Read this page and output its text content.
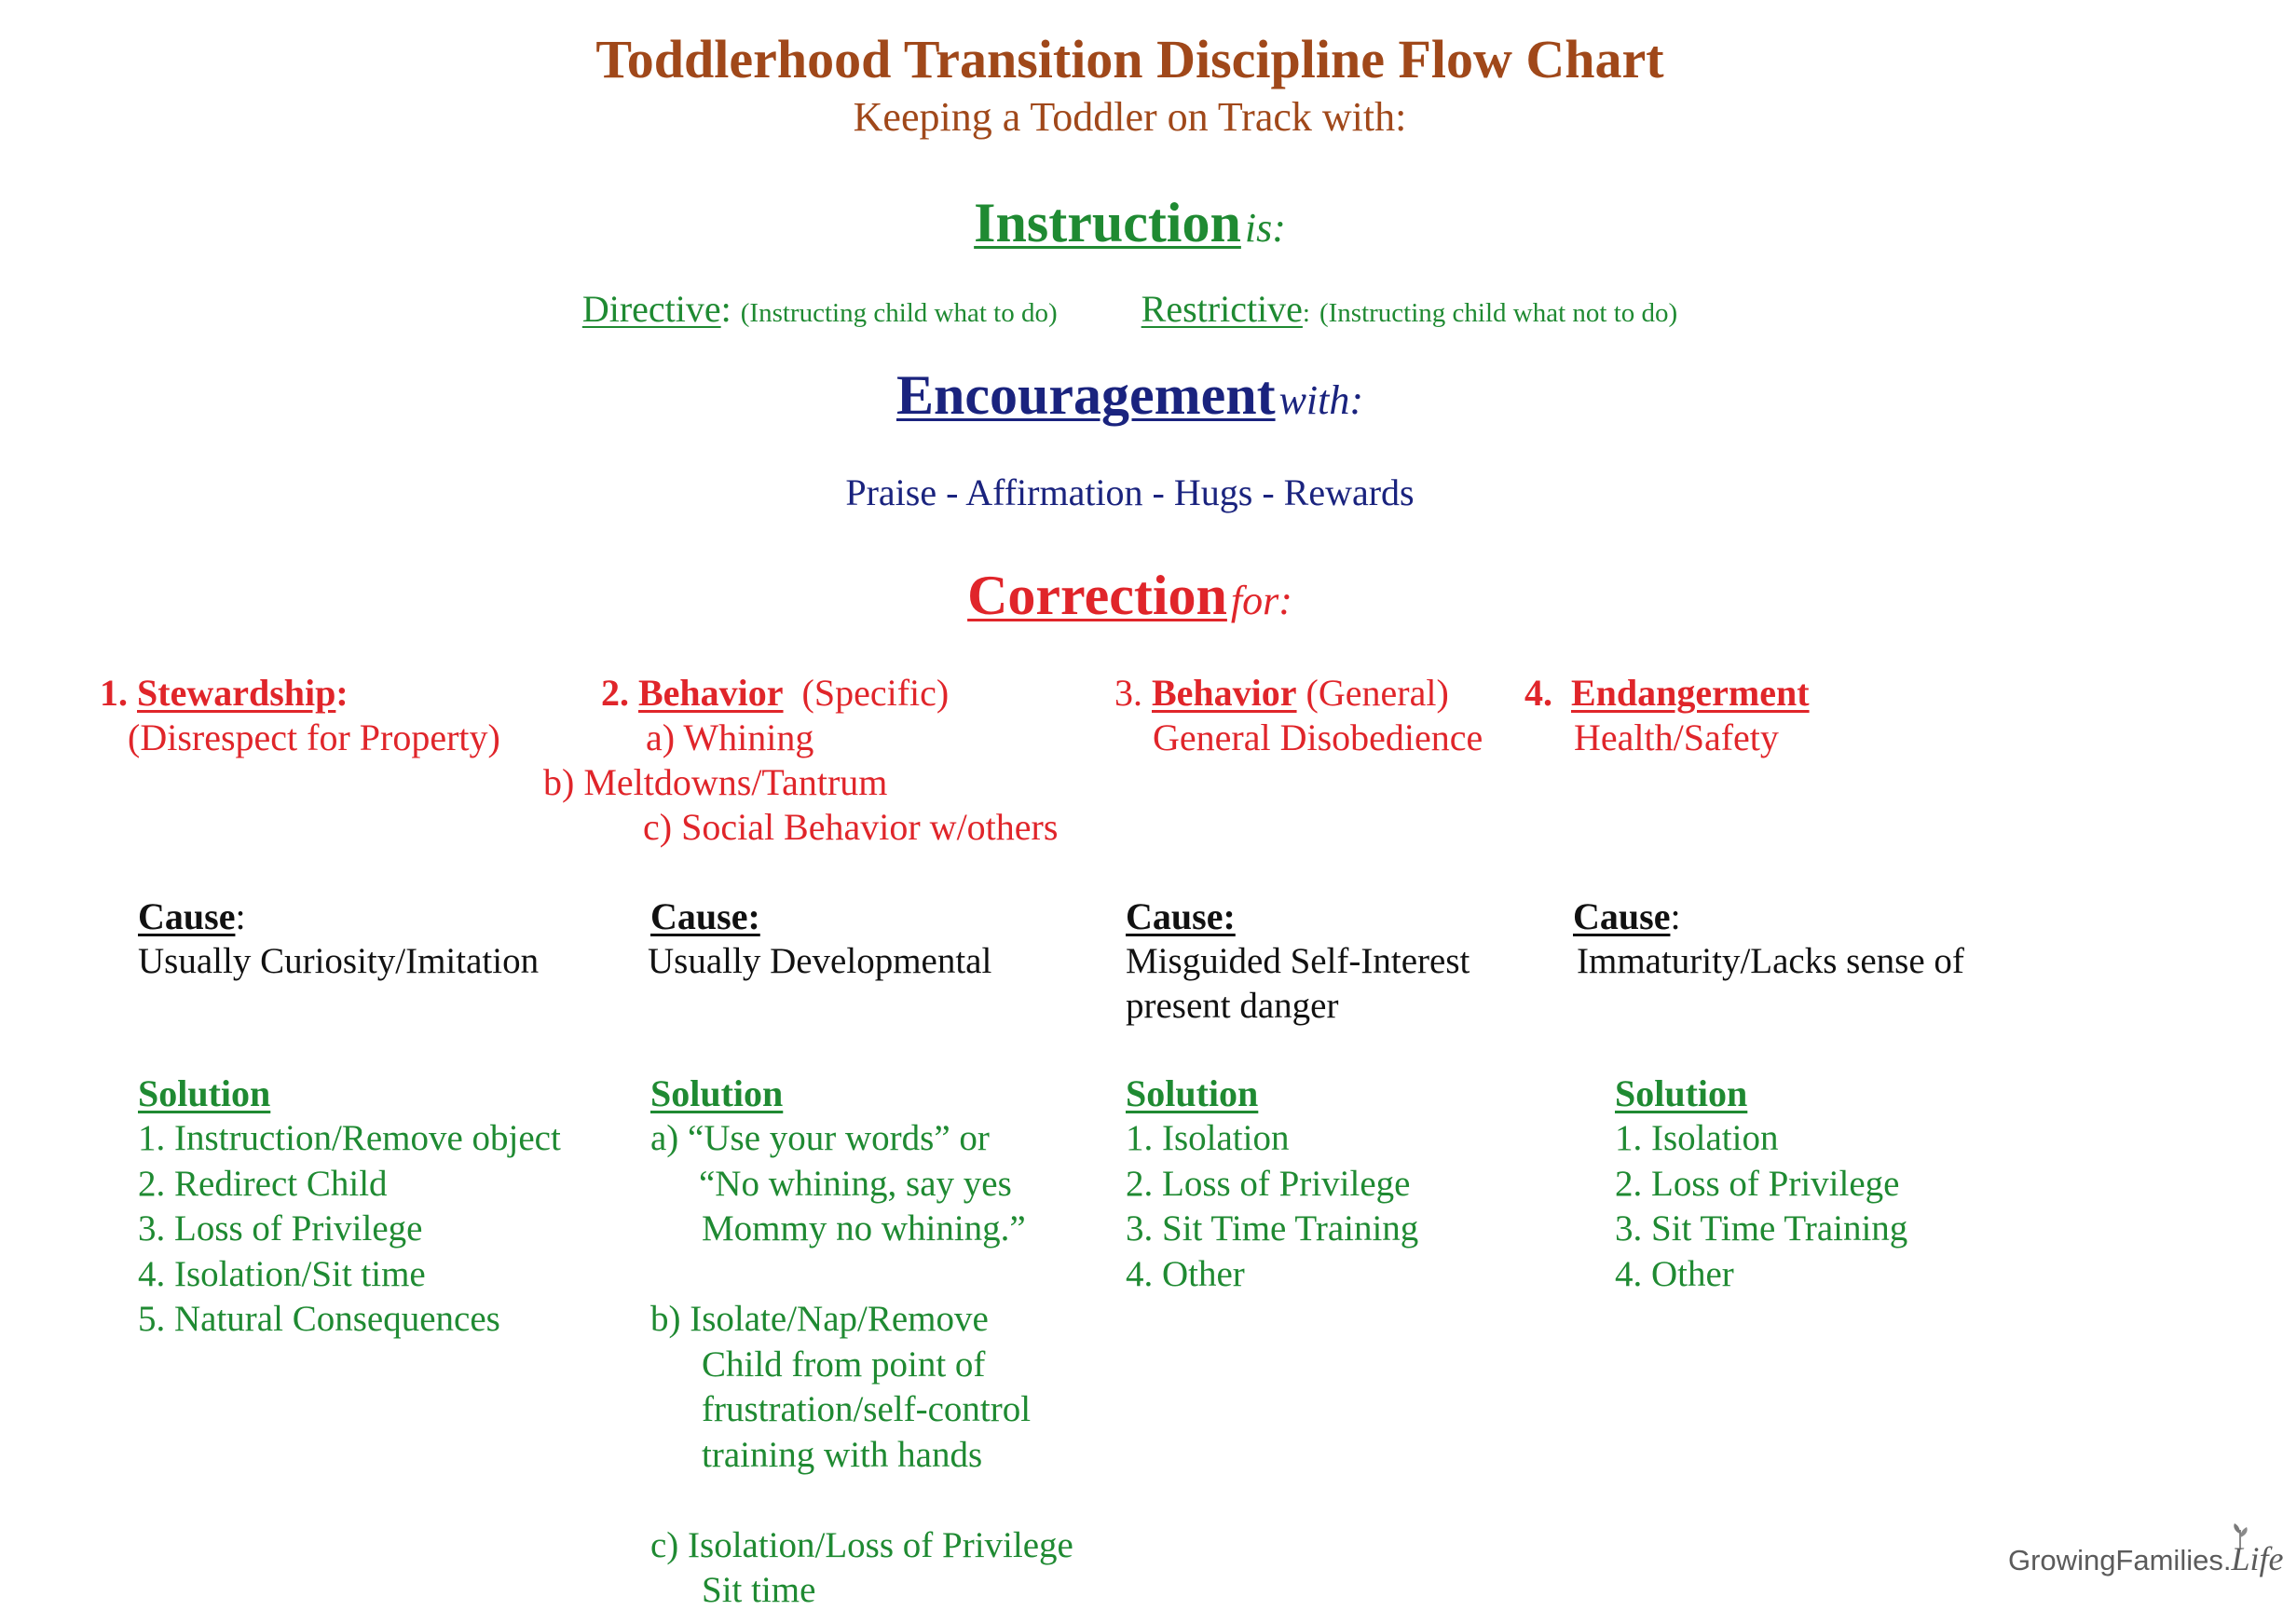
Toddlerhood Transition Discipline Flow Chart
Keeping a Toddler on Track with:
Instruction is:
Directive: (Instructing child what to do) Restrictive: (Instructing child what not to do)
Encouragement with:
Praise - Affirmation - Hugs - Rewards
Correction for:
1. Stewardship:
(Disrespect for Property)
2. Behavior (Specific)
a) Whining
b) Meltdowns/Tantrum
c) Social Behavior w/others
3. Behavior (General)
General Disobedience
4. Endangerment
Health/Safety
Cause:
Usually Curiosity/Imitation
Cause:
Usually Developmental
Cause:
Misguided Self-Interest
present danger
Cause:
Immaturity/Lacks sense of
Solution
1. Instruction/Remove object
2. Redirect Child
3. Loss of Privilege
4. Isolation/Sit time
5. Natural Consequences
Solution
a) “Use your words” or
“No whining, say yes
Mommy no whining.”
b) Isolate/Nap/Remove
Child from point of
frustration/self-control
training with hands
c) Isolation/Loss of Privilege
Sit time
Solution
1. Isolation
2. Loss of Privilege
3. Sit Time Training
4. Other
Solution
1. Isolation
2. Loss of Privilege
3. Sit Time Training
4. Other
GrowingFamilies.Life
